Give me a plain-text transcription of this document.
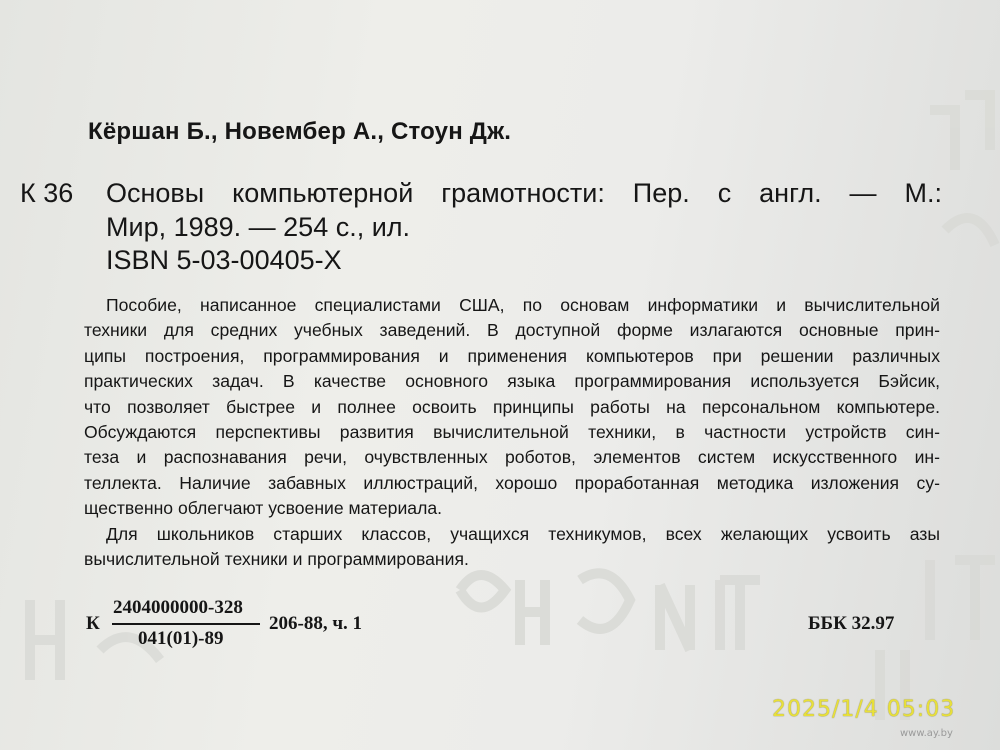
Кёршан Б., Новембер А., Стоун Дж.
К 36 Основы компьютерной грамотности: Пер. с англ. — М.:
Мир, 1989. — 254 с., ил.
ISBN 5-03-00405-X
Пособие, написанное специалистами США, по основам информатики и вычислительной
техники для средних учебных заведений. В доступной форме излагаются основные прин-
ципы построения, программирования и применения компьютеров при решении различных
практических задач. В качестве основного языка программирования используется Бэйсик,
что позволяет быстрее и полнее освоить принципы работы на персональном компьютере.
Обсуждаются перспективы развития вычислительной техники, в частности устройств син-
теза и распознавания речи, очувствленных роботов, элементов систем искусственного ин-
теллекта. Наличие забавных иллюстраций, хорошо проработанная методика изложения су-
щественно облегчают усвоение материала.
Для школьников старших классов, учащихся техникумов, всех желающих усвоить азы
вычислительной техники и программирования.
К
2404000000-328
041(01)-89
206-88, ч. 1	ББК 32.97
2025/1/4 05:03
www.ay.by
